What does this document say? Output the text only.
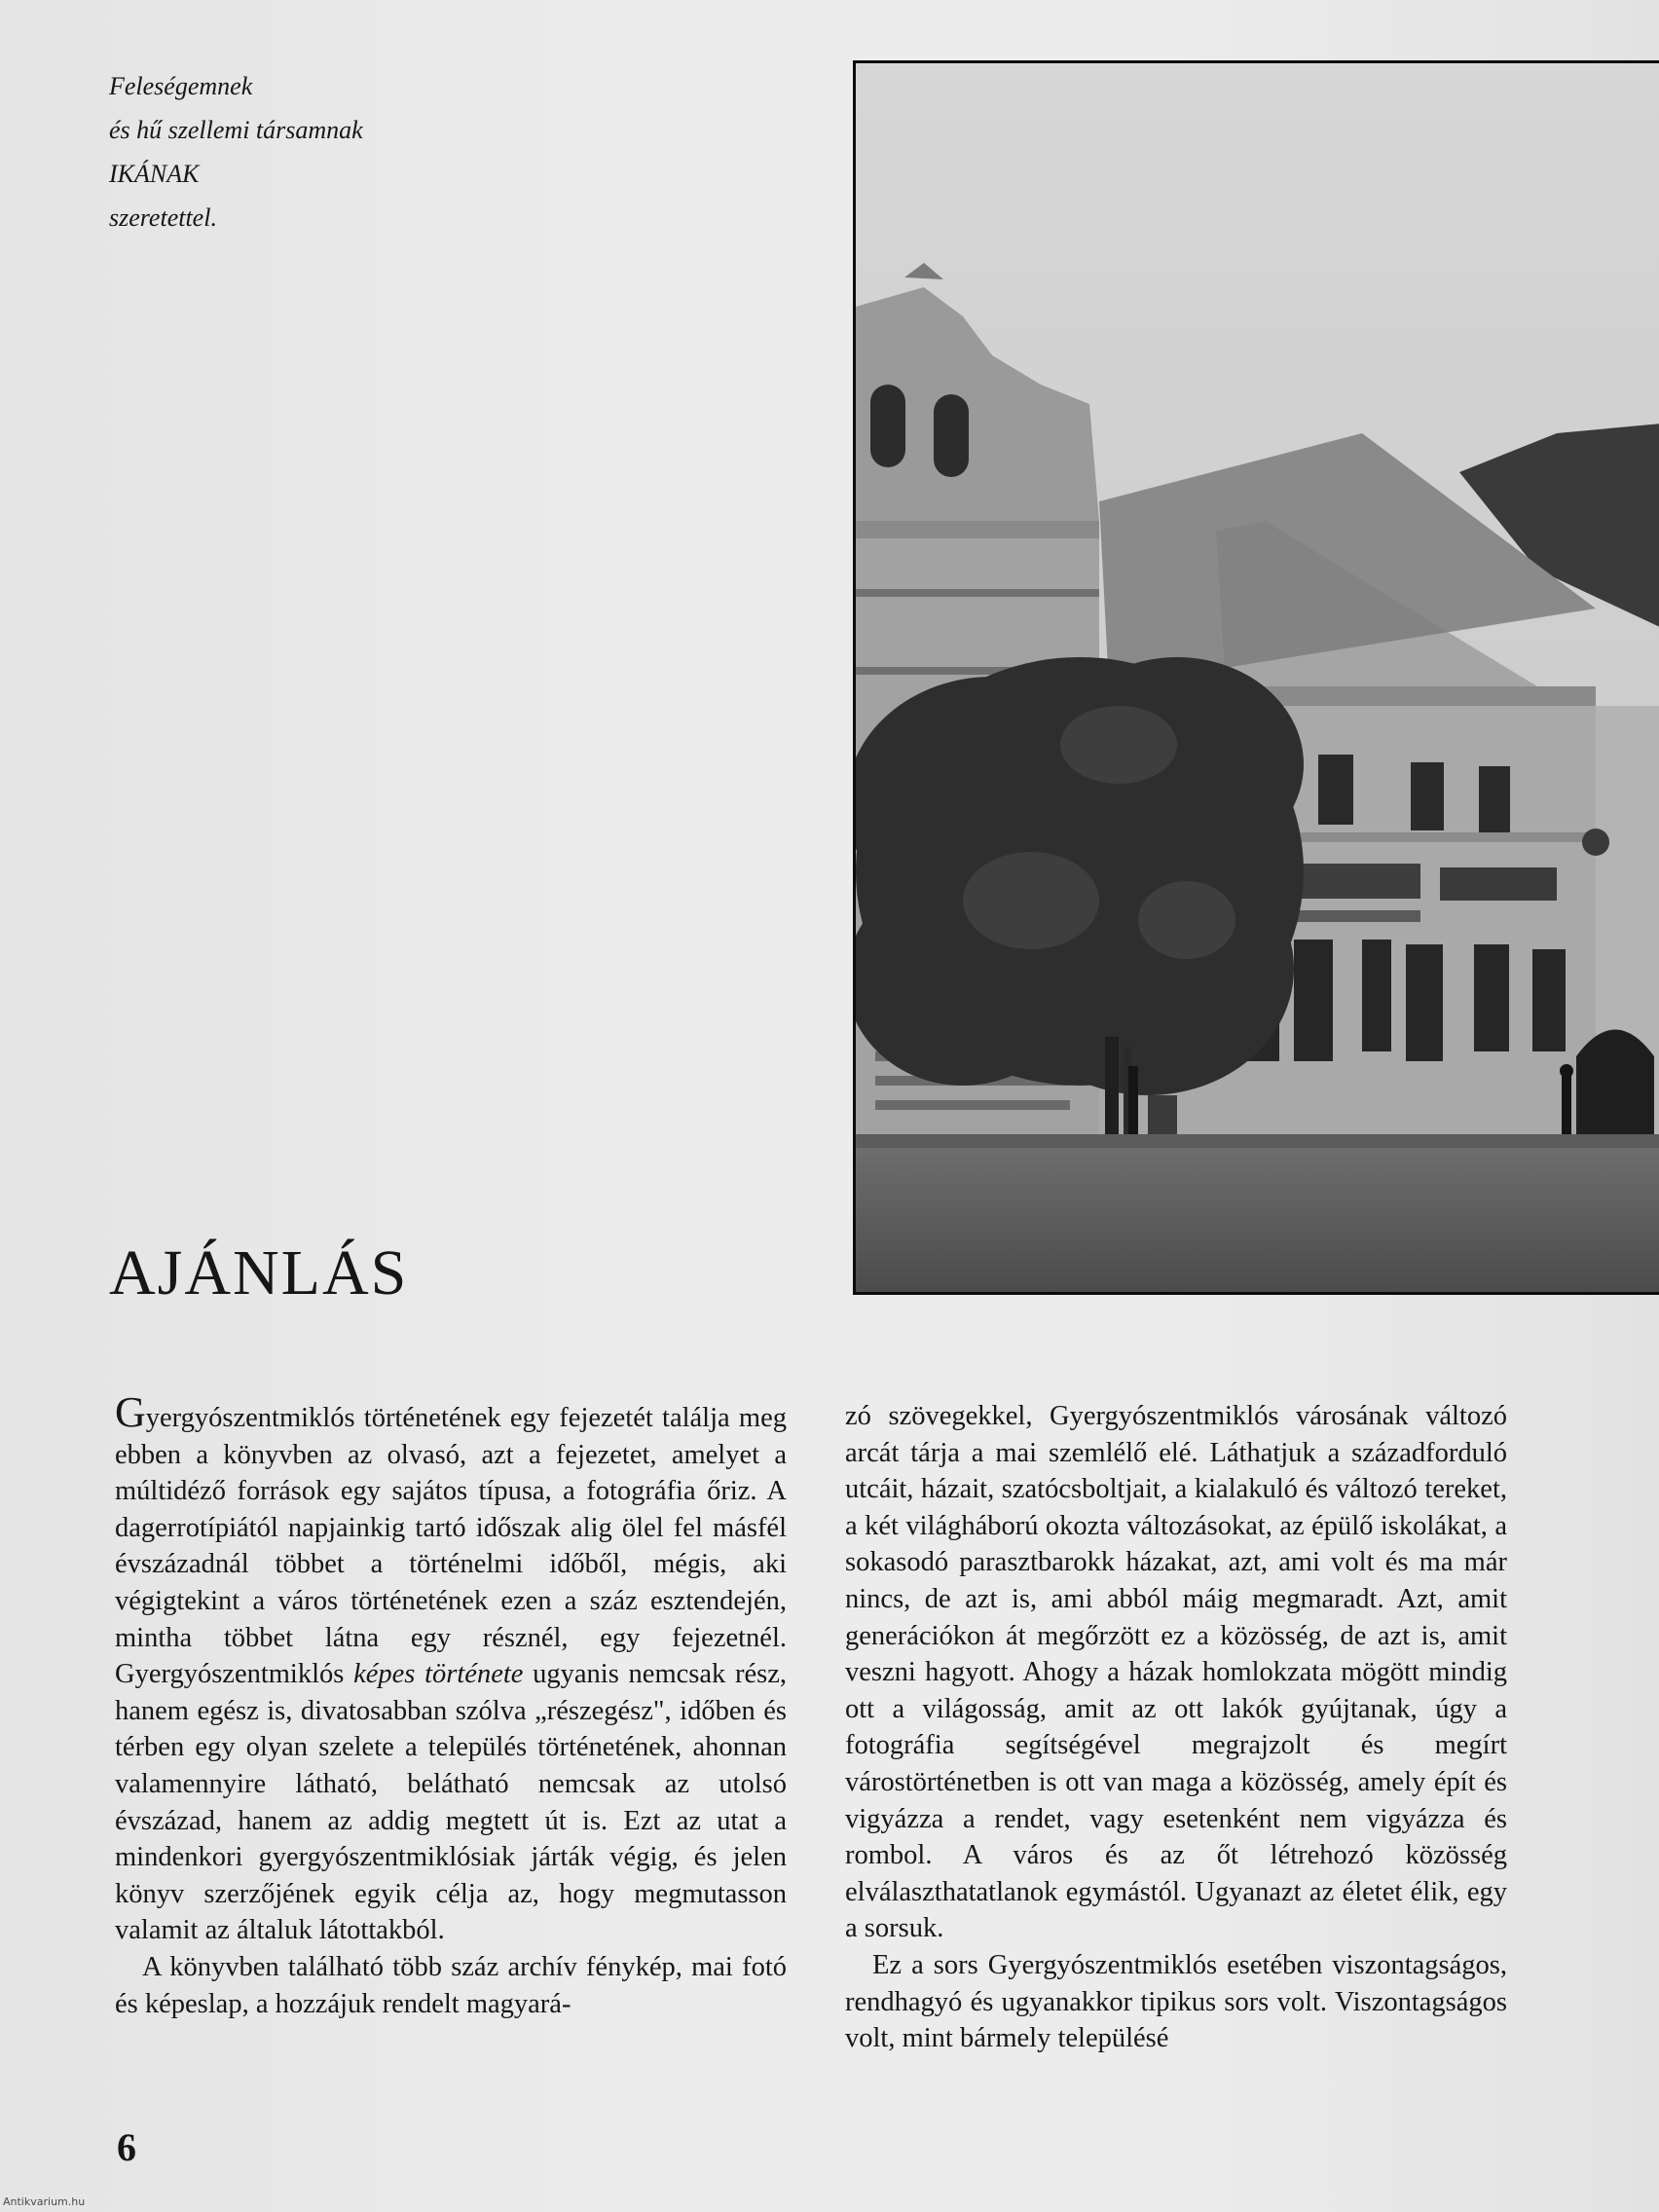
Feleségemnek
és hű szellemi társamnak
IKÁNAK
szeretettel.
AJÁNLÁS

Gyergyószentmiklós történetének egy fejezetét találja meg ebben a könyvben az olvasó, azt a fejezetet, amelyet a múltidéző források egy sajátos típusa, a fotográfia őriz. A dagerrotípiától napjainkig tartó időszak alig ölel fel másfél évszázadnál többet a történelmi időből, mégis, aki végigtekint a város történetének ezen a száz esztendején, mintha többet látna egy résznél, egy fejezetnél. Gyergyószentmiklós képes története ugyanis nemcsak rész, hanem egész is, divatosabban szólva „részegész", időben és térben egy olyan szelete a település történetének, ahonnan valamennyire látható, belátható nemcsak az utolsó évszázad, hanem az addig megtett út is. Ezt az utat a mindenkori gyergyószentmiklósiak járták végig, és jelen könyv szerzőjének egyik célja az, hogy megmutasson valamit az általuk látottakból.

A könyvben található több száz archív fénykép, mai fotó és képeslap, a hozzájuk rendelt magyará-

zó szövegekkel, Gyergyószentmiklós városának változó arcát tárja a mai szemlélő elé. Láthatjuk a századforduló utcáit, házait, szatócsboltjait, a kialakuló és változó tereket, a két világháború okozta változásokat, az épülő iskolákat, a sokasodó parasztbarokk házakat, azt, ami volt és ma már nincs, de azt is, ami abból máig megmaradt. Azt, amit generációkon át megőrzött ez a közösség, de azt is, amit veszni hagyott. Ahogy a házak homlokzata mögött mindig ott a világosság, amit az ott lakók gyújtanak, úgy a fotográfia segítségével megrajzolt és megírt várostörténetben is ott van maga a közösség, amely épít és vigyázza a rendet, vagy esetenként nem vigyázza és rombol. A város és az őt létrehozó közösség elválaszthatatlanok egymástól. Ugyanazt az életet élik, egy a sorsuk.

Ez a sors Gyergyószentmiklós esetében viszontagságos, rendhagyó és ugyanakkor tipikus sors volt. Viszontagságos volt, mint bármely településé

6
Antikvarium.hu
